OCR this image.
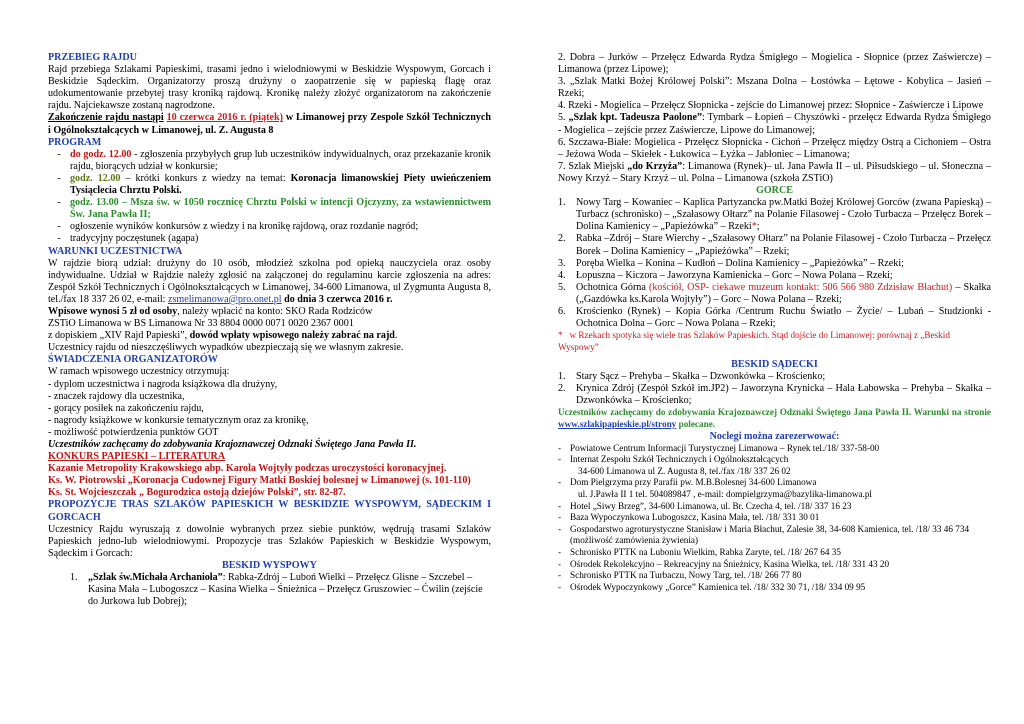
PRZEBIEG RAJDU

Rajd przebiega Szlakami Papieskimi, trasami jedno i wielodniowymi w Beskidzie Wyspowym, Gorcach i Beskidzie Sądeckim. Organizatorzy proszą drużyny o zaopatrzenie się w papieską flagę oraz udokumentowanie przebytej trasy kroniką rajdową. Kronikę należy złożyć organizatorom na zakończenie rajdu. Najciekawsze zostaną nagrodzone.

Zakończenie rajdu nastąpi 10 czerwca 2016 r. (piątek) w Limanowej przy Zespole Szkół Technicznych i Ogólnokształcących w Limanowej, ul. Z. Augusta 8

PROGRAM

- do godz. 12.00 - zgłoszenia przybyłych grup lub uczestników indywidualnych, oraz przekazanie kronik rajdu, biorących udział w konkursie;
- godz. 12.00 – krótki konkurs z wiedzy na temat: Koronacja limanowskiej Piety uwieńczeniem Tysiąclecia Chrztu Polski.
- godz. 13.00 – Msza św. w 1050 rocznicę Chrztu Polski w intencji Ojczyzny, za wstawiennictwem Św. Jana Pawła II;
- ogłoszenie wyników konkursów z wiedzy i na kronikę rajdową, oraz rozdanie nagród;
- tradycyjny poczęstunek (agapa)

WARUNKI UCZESTNICTWA

W rajdzie biorą udział: drużyny do 10 osób, młodzież szkolna pod opieką nauczyciela oraz osoby indywidualne. Udział w Rajdzie należy zgłosić na załączonej do regulaminu karcie zgłoszenia na adres: Zespół Szkół Technicznych i Ogólnokształcących w Limanowej, 34-600 Limanowa, ul Zygmunta Augusta 8, tel./fax 18 337 26 02, e-mail: zsmelimanowa@pro.onet.pl do dnia 3 czerwca 2016 r.

Wpisowe wynosi 5 zł od osoby, należy wpłacić na konto: SKO Rada Rodziców

ZSTiO Limanowa w BS Limanowa Nr 33 8804 0000 0071 0020 2367 0001

z dopiskiem „XIV Rajd Papieski”, dowód wpłaty wpisowego należy zabrać na rajd.

Uczestnicy rajdu od nieszczęśliwych wypadków ubezpieczają się we własnym zakresie.

ŚWIADCZENIA ORGANIZATORÓW

W ramach wpisowego uczestnicy otrzymują:

- dyplom uczestnictwa i nagroda książkowa dla drużyny,

- znaczek rajdowy dla uczestnika,

- gorący posiłek na zakończeniu rajdu,

- nagrody książkowe w konkursie tematycznym oraz za kronikę,

- możliwość potwierdzenia punktów GOT

Uczestników zachęcamy do zdobywania Krajoznawczej Odznaki Świętego Jana Pawła II.

KONKURS PAPIESKI – LITERATURA

Kazanie Metropolity Krakowskiego abp. Karola Wojtyły podczas uroczystości koronacyjnej.

Ks. W. Piotrowski „Koronacja Cudownej Figury Matki Boskiej bolesnej w Limanowej (s. 101-110)

Ks. St. Wojcieszczak „ Bogurodzica ostoją dziejów Polski”, str. 82-87.

PROPOZYCJE TRAS SZLAKÓW PAPIESKICH W BESKIDZIE WYSPOWYM, SĄDECKIM I GORCACH

Uczestnicy Rajdu wyruszają z dowolnie wybranych przez siebie punktów, wędrują trasami Szlaków Papieskich jedno-lub wielodniowymi. Propozycje tras Szlaków Papieskich w Beskidzie Wyspowym, Sądeckim i Gorcach:

BESKID WYSPOWY

1.	„Szlak św.Michała Archanioła”: Rabka-Zdrój – Luboń Wielki – Przełęcz Glisne – Szczebel – Kasina Mała – Lubogoszcz – Kasina Wielka – Śnieżnica – Przełęcz Gruszowiec – Ćwilin (zejście do Jurkowa lub Dobrej);

2. Dobra – Jurków – Przełęcz Edwarda Rydza Śmigłego – Mogielica - Słopnice (przez Zaświercze) – Limanowa (przez Lipowe);

3. „Szlak Matki Bożej Królowej Polski”: Mszana Dolna – Łostówka – Łętowe - Kobylica – Jasień – Rzeki;

4. Rzeki - Mogielica – Przełęcz Słopnicka - zejście do Limanowej przez: Słopnice - Zaświercze i Lipowe

5. „Szlak kpt. Tadeusza Paolone”: Tymbark – Łopień – Chyszówki - przełęcz Edwarda Rydza Śmigłego - Mogielica – zejście przez Zaświercze, Lipowe do Limanowej;

6. Szczawa-Białe: Mogielica - Przełęcz Słopnicka - Cichoń – Przełęcz między Ostrą a Cichoniem – Ostra – Jeżowa Woda – Skiełek - Łukowica – Łyżka – Jabłoniec – Limanowa;

7. Szlak Miejski „do Krzyża”: Limanowa (Rynek)– ul. Jana Pawła II – ul. Piłsudskiego – ul. Słoneczna – Nowy Krzyż – Stary Krzyż – ul. Polna – Limanowa (szkoła ZSTiO)

GORCE

1.	Nowy Targ – Kowaniec – Kaplica Partyzancka pw.Matki Bożej Królowej Gorców (zwana Papieską) – Turbacz (schronisko) – „Szałasowy Ołtarz” na Polanie Filasowej - Czoło Turbacza – Przełęcz Borek – Dolina Kamienicy – „Papieżówka” – Rzeki*;
2.	Rabka –Zdrój – Stare Wierchy - „Szałasowy Ołtarz” na Polanie Filasowej - Czoło Turbacza – Przełęcz Borek – Dolina Kamienicy – „Papieżówka” – Rzeki;
3.	Poręba Wielka – Konina – Kudłoń – Dolina Kamienicy – „Papieżówka” – Rzeki;
4.	Łopuszna – Kiczora – Jaworzyna Kamienicka – Gorc – Nowa Polana – Rzeki;
5.	Ochotnica Górna (kościół, OSP- ciekawe muzeum kontakt: 506 566 980 Zdzisław Błachut) – Skałka („Gazdówka ks.Karola Wojtyły”) – Gorc – Nowa Polana – Rzeki;
6.	Krościenko (Rynek) – Kopia Górka /Centrum Ruchu Światło – Życie/ – Lubań – Studzionki - Ochotnica Dolna – Gorc – Nowa Polana – Rzeki;

* w Rzekach spotyka się wiele tras Szlaków Papieskich. Stąd dojście do Limanowej: porównaj z „Beskid Wyspowy”

BESKID SĄDECKI

1.	Stary Sącz – Prehyba – Skałka – Dzwonkówka – Krościenko;
2.	Krynica Zdrój (Zespół Szkół im.JP2) – Jaworzyna Krynicka – Hala Łabowska – Prehyba – Skałka – Dzwonkówka – Krościenko;

Uczestników zachęcamy do zdobywania Krajoznawczej Odznaki Świętego Jana Pawła II. Warunki na stronie www.szlakipapieskie.pl/strony polecane.

Noclegi można zarezerwować:

- Powiatowe Centrum Informacji Turystycznej Limanowa – Rynek tel./18/ 337-58-00
- Internat Zespołu Szkół Technicznych i Ogólnokształcących
34-600 Limanowa ul Z. Augusta 8, tel./fax /18/ 337 26 02
- Dom Pielgrzyma przy Parafii pw. M.B.Bolesnej 34-600 Limanowa
ul. J.Pawła II 1 tel. 504089847 , e-mail: dompielgrzyma@bazylika-limanowa.pl
- Hotel „Siwy Brzeg”, 34-600 Limanowa, ul. Br. Czecha 4, tel. /18/ 337 16 23
- Baza Wypoczynkowa Lubogoszcz, Kasina Mała, tel. /18/ 331 30 01
- Gospodarstwo agroturystyczne Stanisław i Maria Błachut, Zalesie 38, 34-608 Kamienica, tel. /18/ 33 46 734 (możliwość zamówienia żywienia)
- Schronisko PTTK na Luboniu Wielkim, Rabka Zaryte, tel. /18/ 267 64 35
- Ośrodek Rekolekcyjno – Rekreacyjny na Śnieżnicy, Kasina Wielka, tel. /18/ 331 43 20
- Schronisko PTTK na Turbaczu, Nowy Targ, tel. /18/ 266 77 80
- Ośrodek Wypoczynkowy „Gorce” Kamienica tel. /18/ 332 30 71, /18/ 334 09 95
